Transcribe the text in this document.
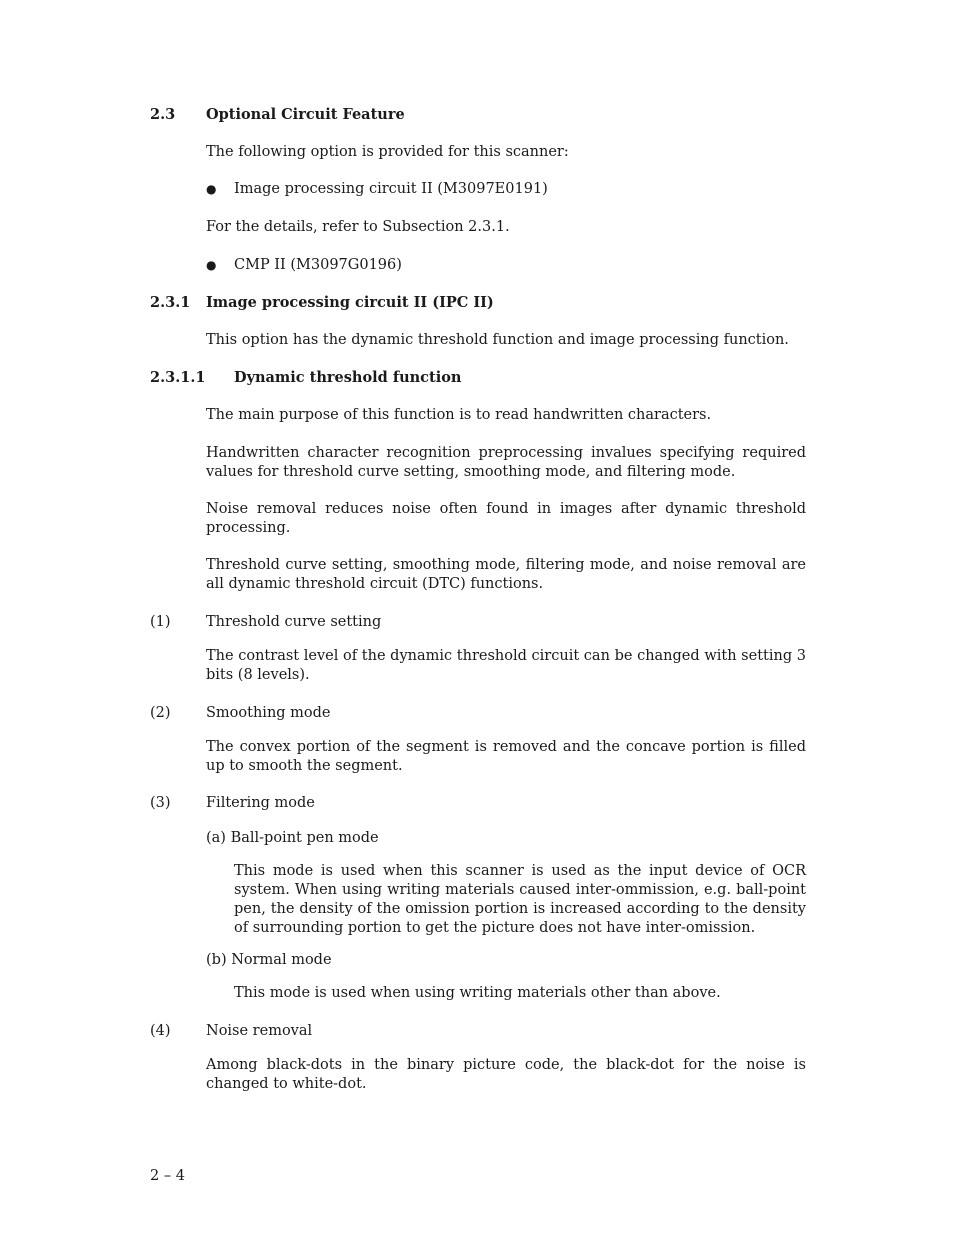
2.3 Optional Circuit Feature
The following option is provided for this scanner:
● Image processing circuit II (M3097E0191)
For the details, refer to Subsection 2.3.1.
● CMP II (M3097G0196)
2.3.1 Image processing circuit II (IPC II)
This option has the dynamic threshold function and image processing function.
2.3.1.1 Dynamic threshold function
The main purpose of this function is to read handwritten characters.
Handwritten character recognition preprocessing invalues specifying required values for threshold curve setting, smoothing mode, and filtering mode.
Noise removal reduces noise often found in images after dynamic threshold processing.
Threshold curve setting, smoothing mode, filtering mode, and noise removal are all dynamic threshold circuit (DTC) functions.
(1) Threshold curve setting
The contrast level of the dynamic threshold circuit can be changed with setting 3 bits (8 levels).
(2) Smoothing mode
The convex portion of the segment is removed and the concave portion is filled up to smooth the segment.
(3) Filtering mode
(a) Ball-point pen mode
This mode is used when this scanner is used as the input device of OCR system. When using writing materials caused inter-ommission, e.g. ball-point pen, the density of the omission portion is increased according to the density of surrounding portion to get the picture does not have inter-omission.
(b) Normal mode
This mode is used when using writing materials other than above.
(4) Noise removal
Among black-dots in the binary picture code, the black-dot for the noise is changed to white-dot.
2 – 4
